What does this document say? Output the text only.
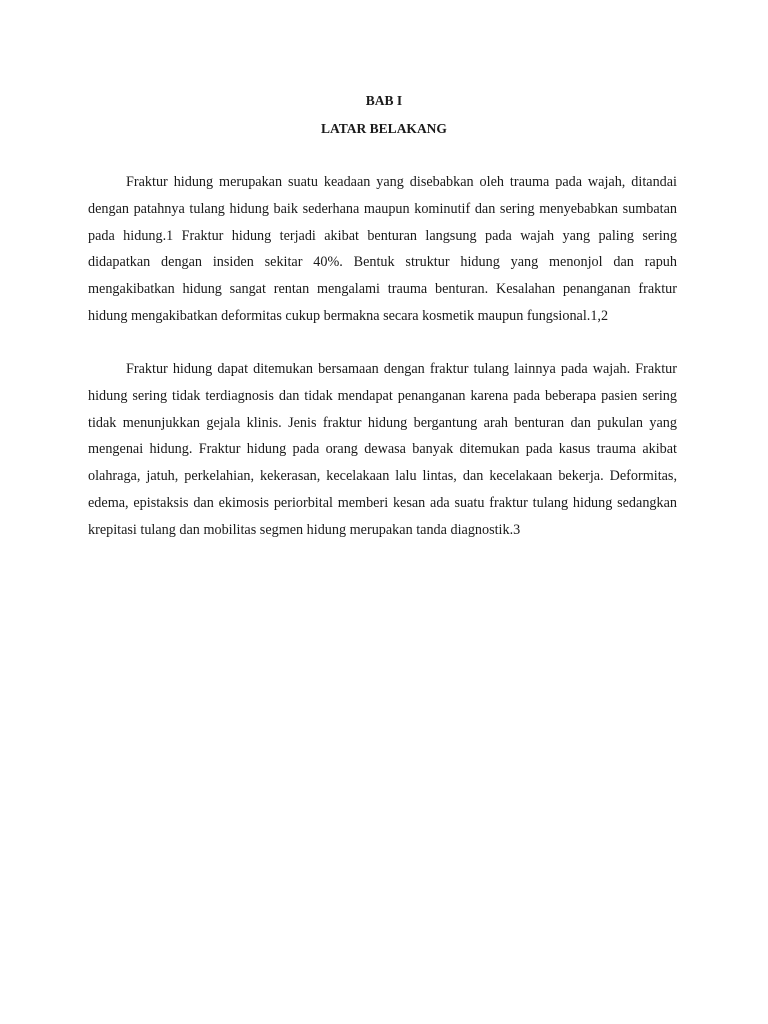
BAB I
LATAR BELAKANG

Fraktur hidung merupakan suatu keadaan yang disebabkan oleh trauma pada wajah, ditandai dengan patahnya tulang hidung baik sederhana maupun kominutif dan sering menyebabkan sumbatan pada hidung.1 Fraktur hidung terjadi akibat benturan langsung pada wajah yang paling sering didapatkan dengan insiden sekitar 40%. Bentuk struktur hidung yang menonjol dan rapuh mengakibatkan hidung sangat rentan mengalami trauma benturan. Kesalahan penanganan fraktur hidung mengakibatkan deformitas cukup bermakna secara kosmetik maupun fungsional.1,2

Fraktur hidung dapat ditemukan bersamaan dengan fraktur tulang lainnya pada wajah. Fraktur hidung sering tidak terdiagnosis dan tidak mendapat penanganan karena pada beberapa pasien sering tidak menunjukkan gejala klinis. Jenis fraktur hidung bergantung arah benturan dan pukulan yang mengenai hidung. Fraktur hidung pada orang dewasa banyak ditemukan pada kasus trauma akibat olahraga, jatuh, perkelahian, kekerasan, kecelakaan lalu lintas, dan kecelakaan bekerja. Deformitas, edema, epistaksis dan ekimosis periorbital memberi kesan ada suatu fraktur tulang hidung sedangkan krepitasi tulang dan mobilitas segmen hidung merupakan tanda diagnostik.3
